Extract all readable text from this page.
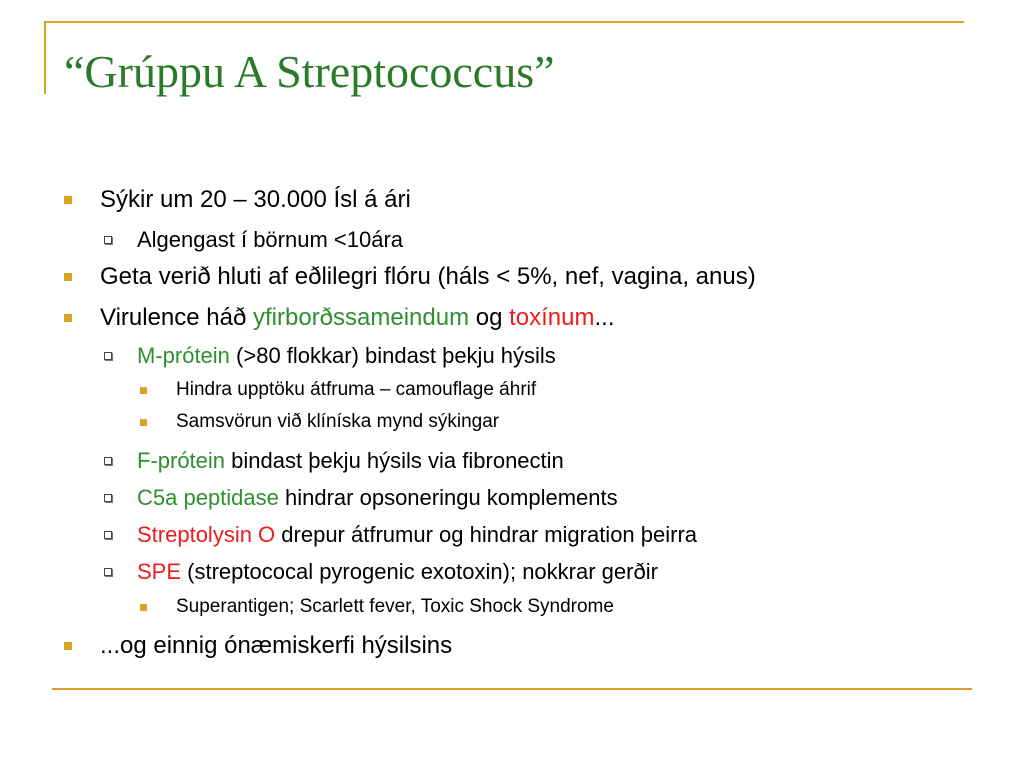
“Grúppu A Streptococcus”
Sýkir um 20 – 30.000 Ísl á ári
Algengast í börnum <10ára
Geta verið hluti af eðlilegri flóru (háls < 5%, nef, vagina, anus)
Virulence háð yfirborðssameindum og toxínum...
M-prótein (>80 flokkar) bindast þekju hýsils
Hindra upptöku átfruma – camouflage áhrif
Samsvörun við klíníska mynd sýkingar
F-prótein bindast þekju hýsils via fibronectin
C5a peptidase hindrar opsoneringu komplements
Streptolysin O drepur átfrumur og hindrar migration þeirra
SPE (streptococal pyrogenic exotoxin); nokkrar gerðir
Superantigen; Scarlett fever, Toxic Shock Syndrome
...og einnig ónæmiskerfi hýsilsins
